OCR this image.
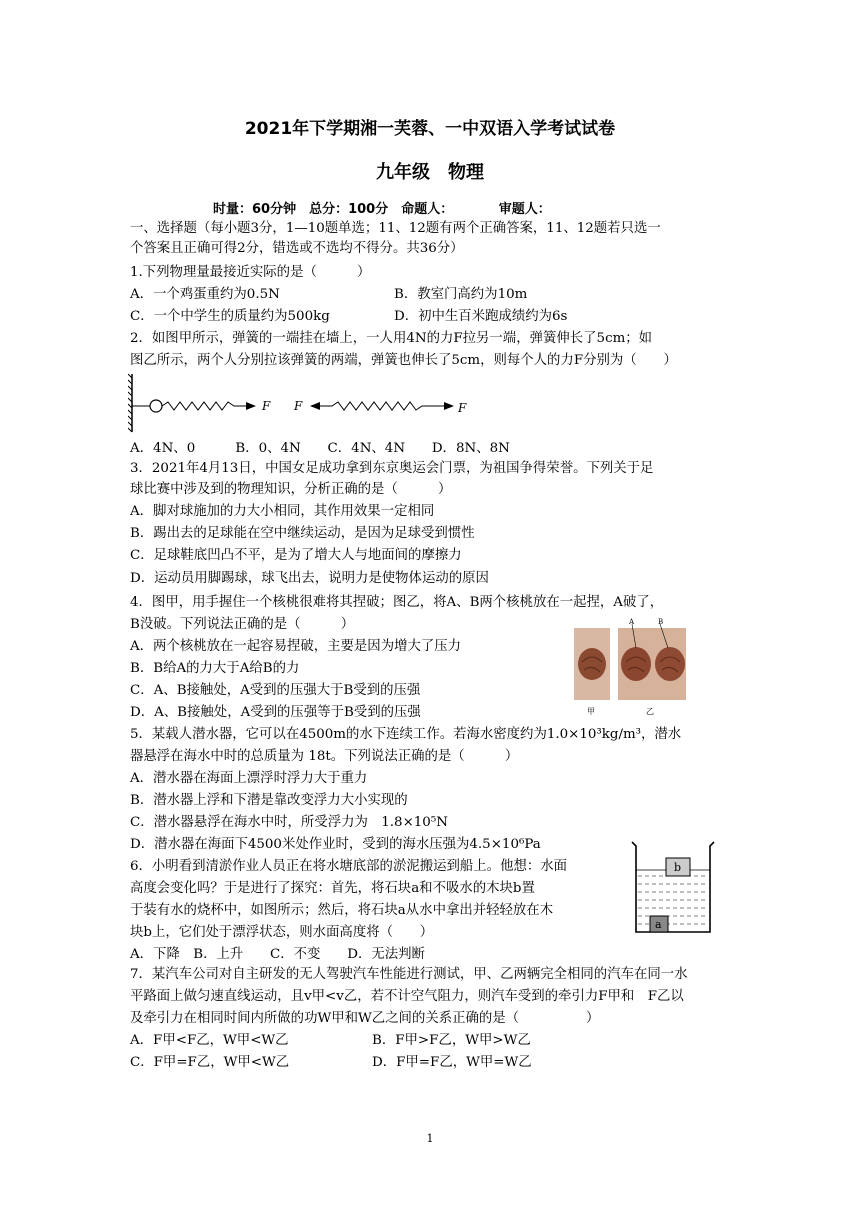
2021年下学期湘一芙蓉、一中双语入学考试试卷
九年级　物理
时量：60分钟　总分：100分　命题人：　　　　审题人：
一、选择题（每小题3分，1—10题单选；11、12题有两个正确答案，11、12题若只选一
个答案且正确可得2分，错选或不选均不得分。共36分）
1.下列物理量最接近实际的是（　　　）
A．一个鸡蛋重约为0.5N	B．教室门高约为10m
C．一个中学生的质量约为500kg	D．初中生百米跑成绩约为6s
2．如图甲所示，弹簧的一端挂在墙上，一人用4N的力F拉另一端，弹簧伸长了5cm；如
图乙所示，两个人分别拉该弹簧的两端，弹簧也伸长了5cm，则每个人的力F分别为（　　）
F F	F
A．4N、0　　　B．0、4N　　C．4N、4N　　D．8N、8N
3．2021年4月13日，中国女足成功拿到东京奥运会门票，为祖国争得荣誉。下列关于足
球比赛中涉及到的物理知识，分析正确的是（　　　）
A．脚对球施加的力大小相同，其作用效果一定相同
B．踢出去的足球能在空中继续运动，是因为足球受到惯性
C．足球鞋底凹凸不平，是为了增大人与地面间的摩擦力
D．运动员用脚踢球，球飞出去，说明力是使物体运动的原因
4．图甲，用手握住一个核桃很难将其捏破；图乙，将A、B两个核桃放在一起捏，A破了，
B没破。下列说法正确的是（　　　）
A．两个核桃放在一起容易捏破，主要是因为增大了压力
B．B给A的力大于A给B的力
C．A、B接触处，A受到的压强大于B受到的压强
D．A、B接触处，A受到的压强等于B受到的压强
A	B
甲	乙
5．某载人潜水器，它可以在4500m的水下连续工作。若海水密度约为1.0×10³kg/m³，潜水
器悬浮在海水中时的总质量为 18t。下列说法正确的是（　　　）
A．潜水器在海面上漂浮时浮力大于重力
B．潜水器上浮和下潜是靠改变浮力大小实现的
C．潜水器悬浮在海水中时，所受浮力为　1.8×10⁵N
D．潜水器在海面下4500米处作业时，受到的海水压强为4.5×10⁶Pa
6．小明看到清淤作业人员正在将水塘底部的淤泥搬运到船上。他想：水面
高度会变化吗？于是进行了探究：首先，将石块a和不吸水的木块b置
于装有水的烧杯中，如图所示；然后，将石块a从水中拿出并轻轻放在木
块b上，它们处于漂浮状态，则水面高度将（　　）
A．下降　B．上升　　C．不变　　D．无法判断
b
a
7．某汽车公司对自主研发的无人驾驶汽车性能进行测试，甲、乙两辆完全相同的汽车在同一水
平路面上做匀速直线运动，且v甲<v乙，若不计空气阻力，则汽车受到的牵引力F甲和　F乙以
及牵引力在相同时间内所做的功W甲和W乙之间的关系正确的是（　　　　　）
A．F甲<F乙，W甲<W乙	B．F甲>F乙，W甲>W乙
C．F甲=F乙，W甲<W乙	D．F甲=F乙，W甲=W乙
1
